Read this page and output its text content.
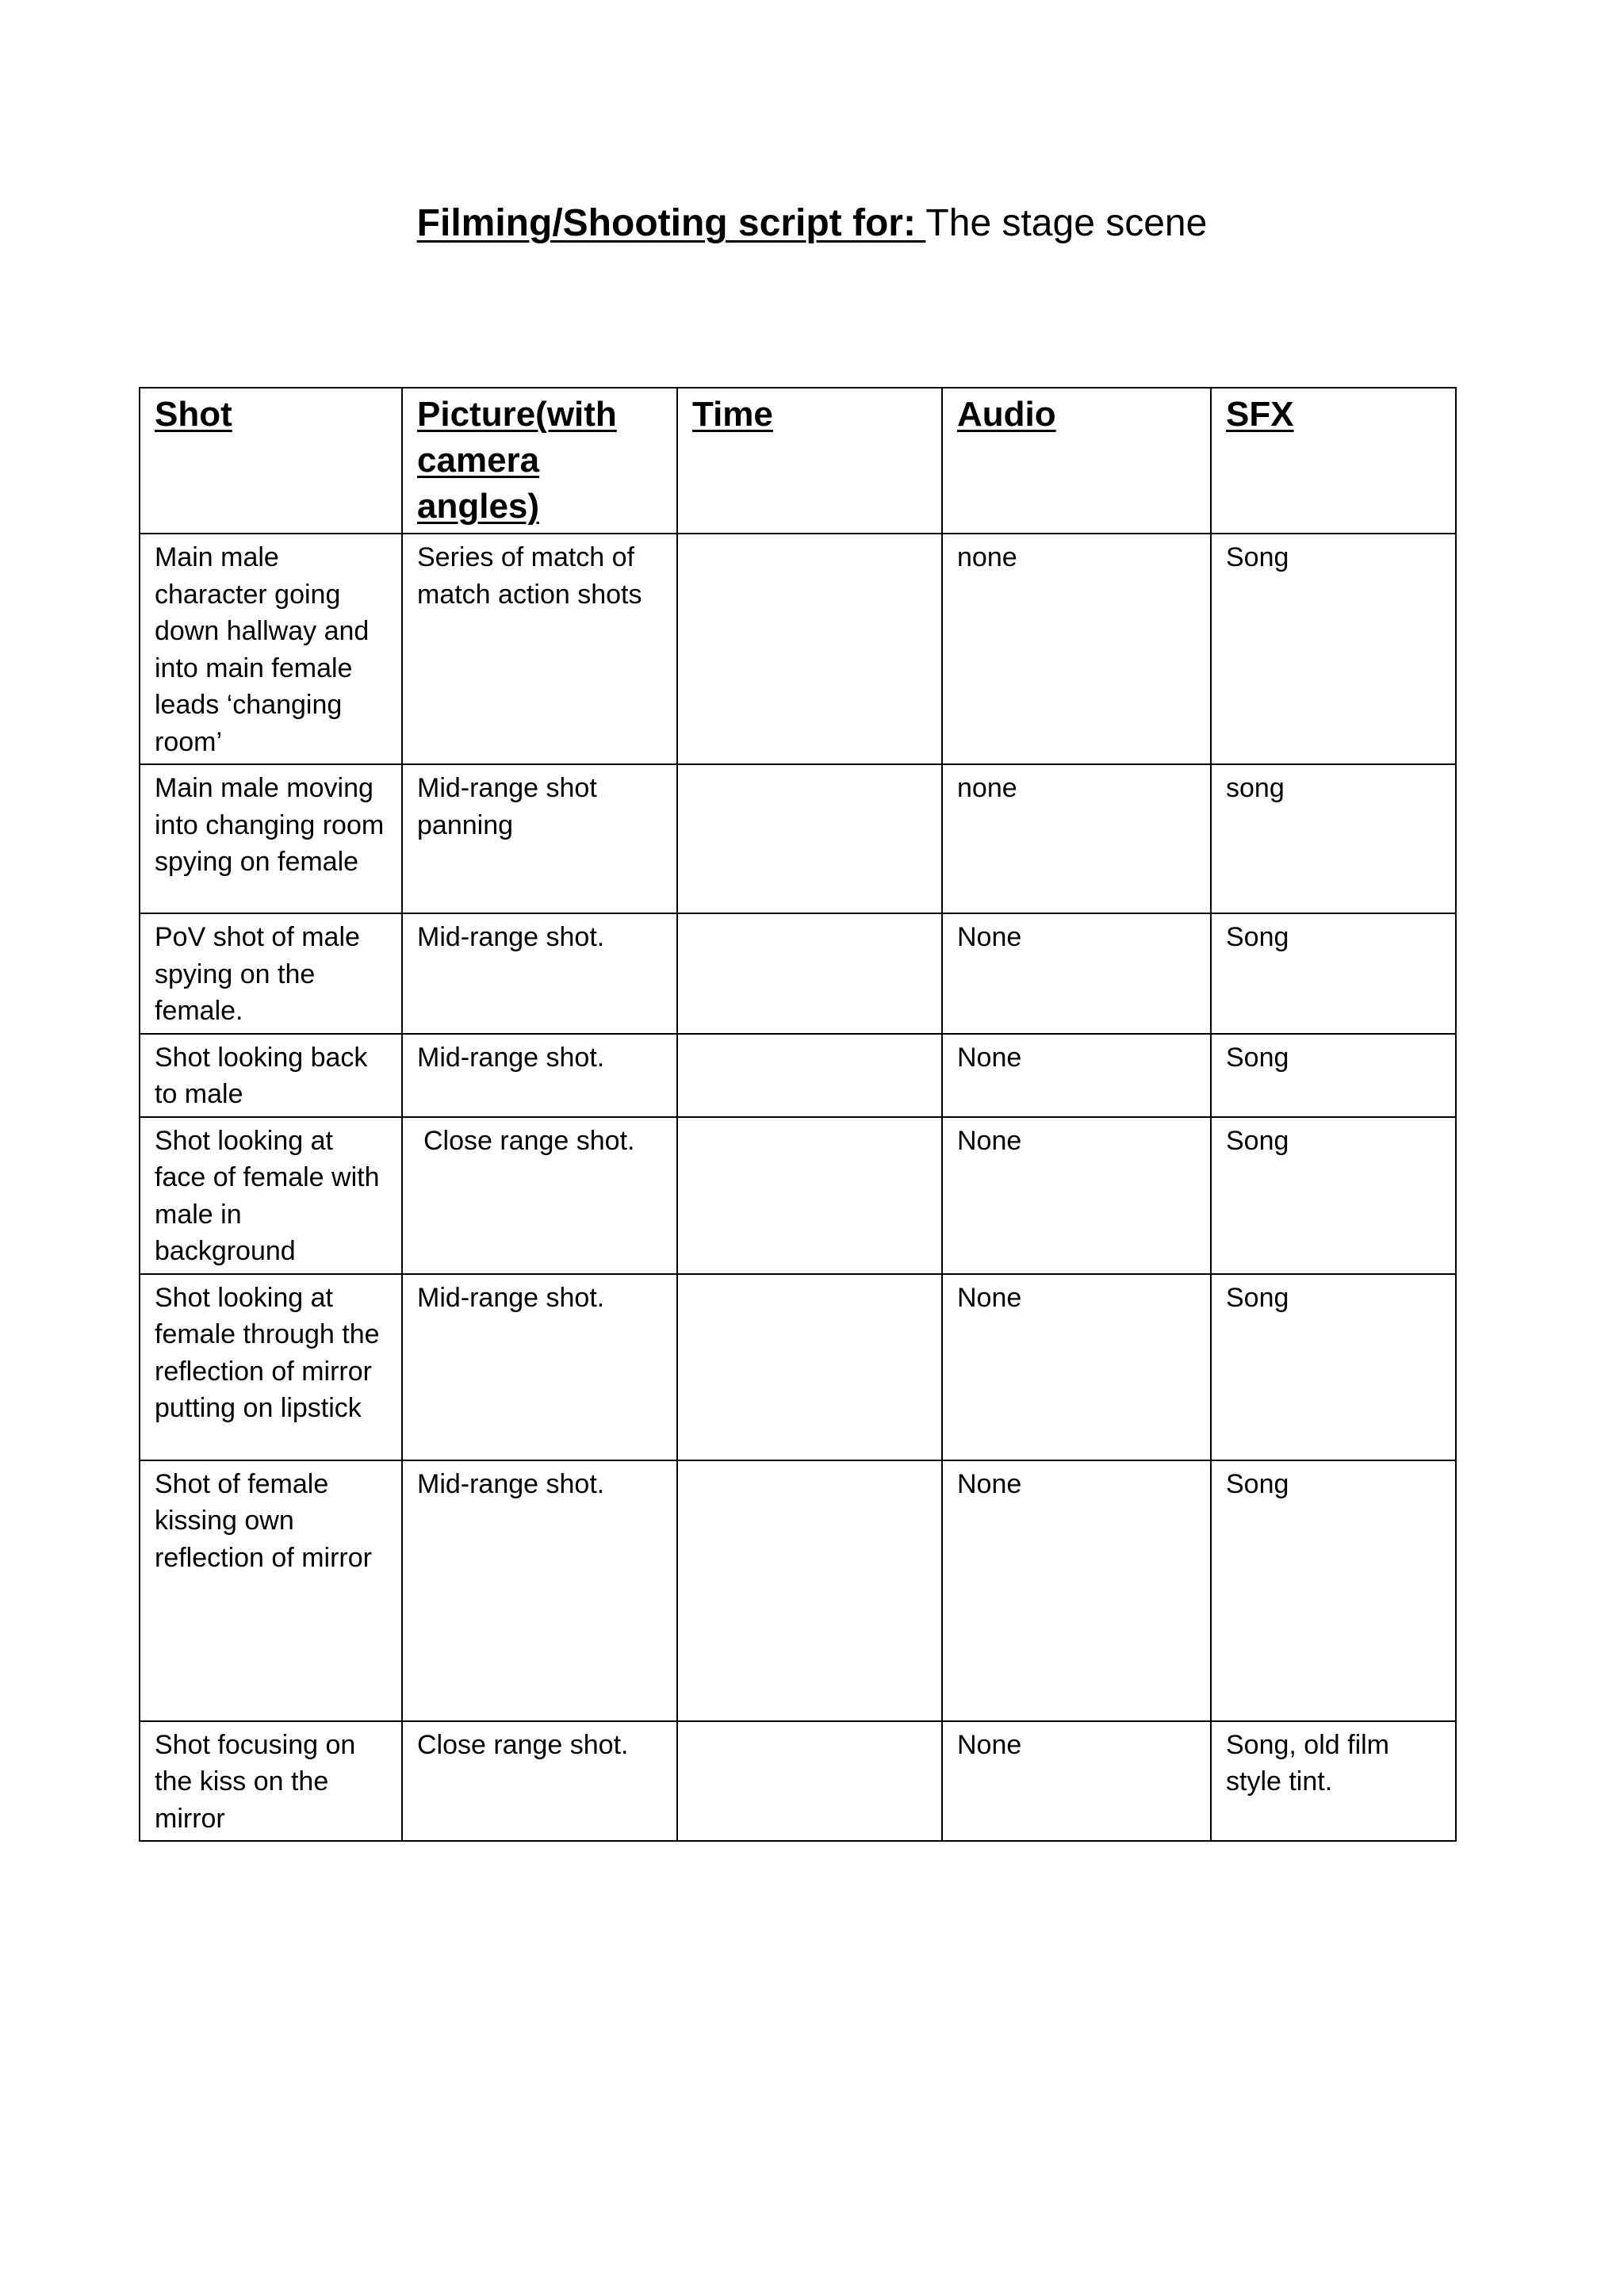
Filming/Shooting script for: The stage scene
Shot	Picture(with camera angles)	Time	Audio	SFX
Main male character going down hallway and into main female leads ‘changing room’	Series of match of match action shots		none	Song
Main male moving into changing room spying on female	Mid-range shot panning		none	song
PoV shot of male spying on the female.	Mid-range shot.		None	Song
Shot looking back to male	Mid-range shot.		None	Song
Shot looking at face of female with male in background	Close range shot.		None	Song
Shot looking at female through the reflection of mirror putting on lipstick	Mid-range shot.		None	Song
Shot of female kissing own reflection of mirror	Mid-range shot.		None	Song
Shot focusing on the kiss on the mirror	Close range shot.		None	Song, old film style tint.
